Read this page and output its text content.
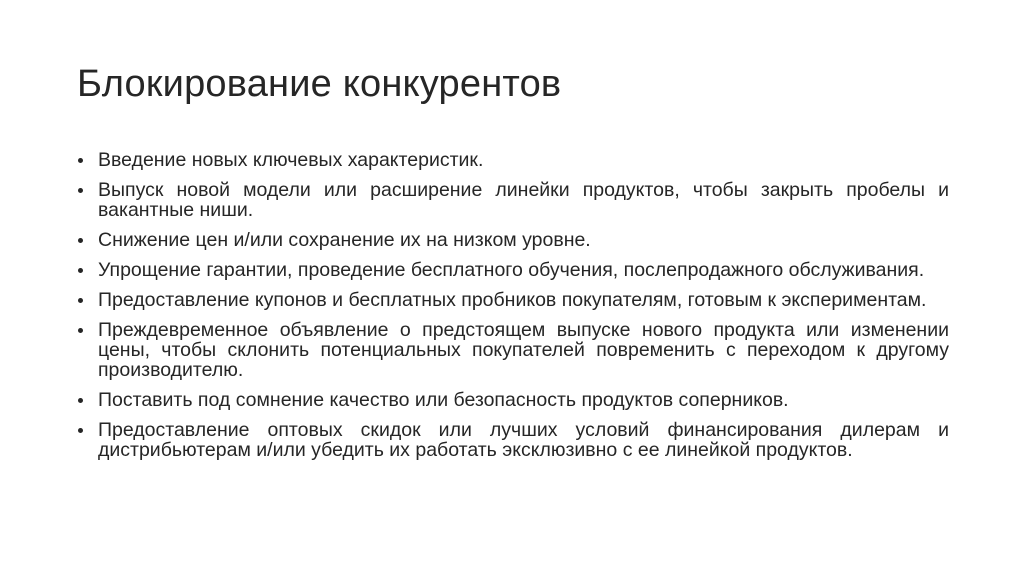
Блокирование конкурентов
Введение новых ключевых характеристик.
Выпуск новой модели или расширение линейки продуктов, чтобы закрыть пробелы и вакантные ниши.
Снижение цен и/или сохранение их на низком уровне.
Упрощение гарантии, проведение бесплатного обучения, послепродажного обслуживания.
Предоставление купонов и бесплатных пробников покупателям, готовым к экспериментам.
Преждевременное объявление о предстоящем выпуске нового продукта или изменении цены, чтобы склонить потенциальных покупателей повременить с переходом к другому производителю.
Поставить под сомнение качество или безопасность продуктов соперников.
Предоставление оптовых скидок или лучших условий финансирования дилерам и дистрибьютерам и/или убедить их работать эксклюзивно с ее линейкой продуктов.
